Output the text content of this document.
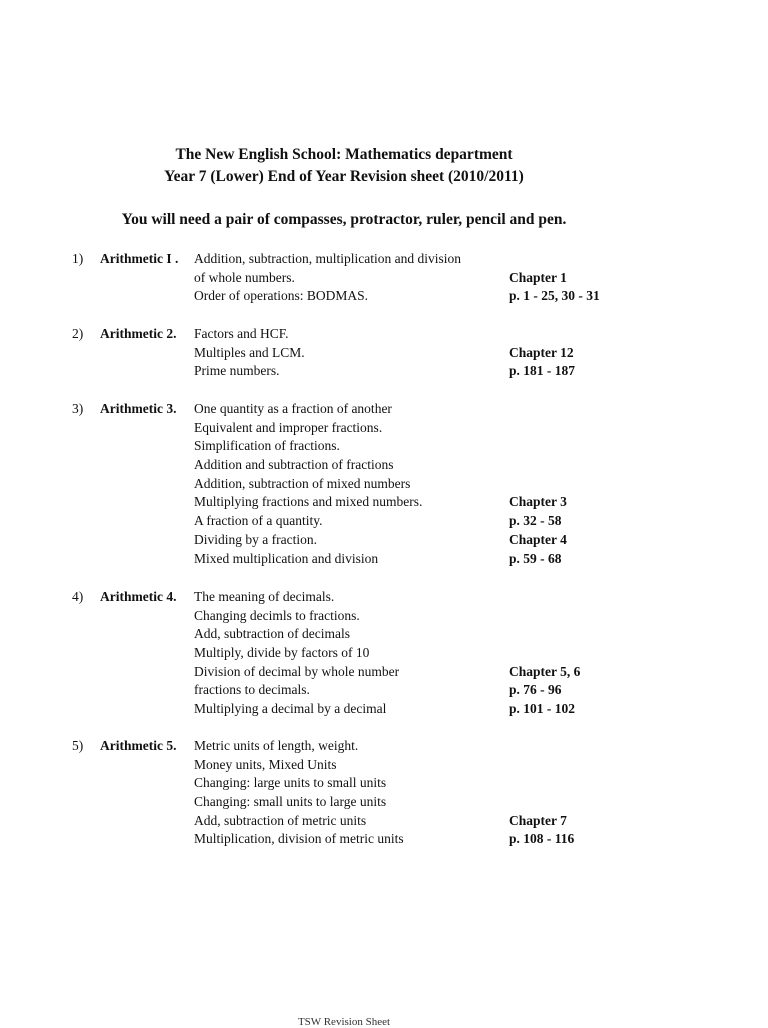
The New English School: Mathematics department
Year 7 (Lower) End of Year Revision sheet (2010/2011)
You will need a pair of compasses, protractor, ruler, pencil and pen.
1) Arithmetic I . Addition, subtraction, multiplication and division
of whole numbers.
Order of operations: BODMAS.
Chapter 1
p. 1 - 25, 30 - 31
2) Arithmetic 2. Factors and HCF.
Multiples and LCM.
Prime numbers.
Chapter 12
p. 181 - 187
3) Arithmetic 3. One quantity as a fraction of another
Equivalent and improper fractions.
Simplification of fractions.
Addition and subtraction of fractions
Addition, subtraction of mixed numbers
Multiplying fractions and mixed numbers.
A fraction of a quantity.
Dividing by a fraction.
Mixed multiplication and division
Chapter 3
p. 32 - 58
Chapter 4
p. 59 - 68
4) Arithmetic 4. The meaning of decimals.
Changing decimls to fractions.
Add, subtraction of decimals
Multiply, divide by factors of 10
Division of decimal by whole number
fractions to decimals.
Multiplying a decimal by a decimal
Chapter 5, 6
p. 76 - 96
p. 101 - 102
5) Arithmetic 5. Metric units of length, weight.
Money units, Mixed Units
Changing: large units to small units
Changing: small units to large units
Add, subtraction of metric units
Multiplication, division of metric units
Chapter 7
p. 108 - 116
TSW Revision Sheet
